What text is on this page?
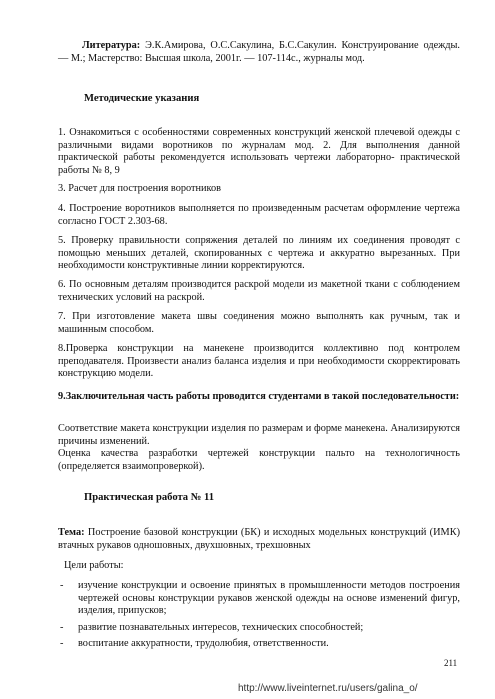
Литература: Э.К.Амирова, О.С.Сакулина, Б.С.Сакулин. Конструирование одежды. — М.; Мастерство: Высшая школа, 2001г. — 107-114с., журналы мод.
Методические указания
1. Ознакомиться с особенностями современных конструкций женской плечевой одежды с различными видами воротников по журналам мод. 2. Для выполнения данной практической работы рекомендуется использовать чертежи лабораторно- практической работы № 8, 9
3. Расчет для построения воротников
4. Построение воротников выполняется по произведенным расчетам оформление чертежа согласно ГОСТ 2.303-68.
5. Проверку правильности сопряжения деталей по линиям их соединения проводят с помощью меньших деталей, скопированных с чертежа и аккуратно вырезанных. При необходимости конструктивные линии корректируются.
6. По основным деталям производится раскрой модели из макетной ткани с соблюдением технических условий на раскрой.
7. При изготовление макета швы соединения можно выполнять как ручным, так и машинным способом.
8.Проверка конструкции на манекене производится коллективно под контролем преподавателя. Произвести анализ баланса изделия и при необходимости скорректировать конструкцию модели.
9.Заключительная часть работы проводится студентами в такой последовательности:
Соответствие макета конструкции изделия по размерам и форме манекена. Анализируются причины изменений.
Оценка качества разработки чертежей конструкции пальто на технологичность (определяется взаимопроверкой).
Практическая работа № 11
Тема: Построение базовой конструкции (БК) и исходных модельных конструкций (ИМК) втачных рукавов одношовных, двухшовных, трехшовных
Цели работы:
- изучение конструкции и освоение принятых в промышленности методов построения чертежей основы конструкции рукавов женской одежды на основе изменений фигур, изделия, припусков;
- развитие познавательных интересов, технических способностей;
- воспитание аккуратности, трудолюбия, ответственности.
211
http://www.liveinternet.ru/users/galina_o/
